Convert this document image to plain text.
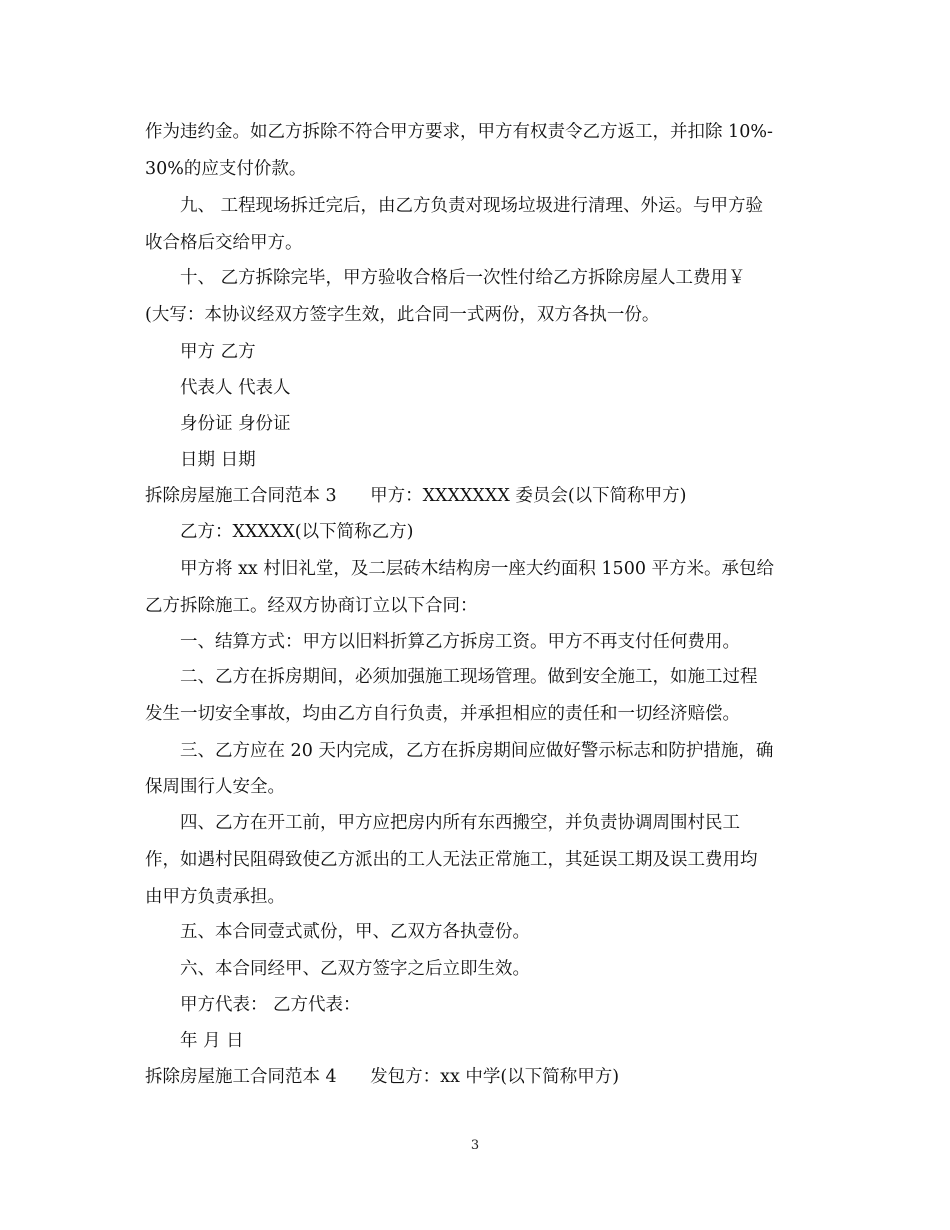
作为违约金。如乙方拆除不符合甲方要求，甲方有权责令乙方返工，并扣除 10%-
30%的应支付价款。
九、 工程现场拆迁完后，由乙方负责对现场垃圾进行清理、外运。与甲方验
收合格后交给甲方。
十、 乙方拆除完毕，甲方验收合格后一次性付给乙方拆除房屋人工费用￥
(大写：本协议经双方签字生效，此合同一式两份，双方各执一份。
甲方 乙方
代表人 代表人
身份证 身份证
日期 日期
拆除房屋施工合同范本 3      甲方：XXXXXXX 委员会(以下简称甲方)
乙方：XXXXX(以下简称乙方)
甲方将 xx 村旧礼堂，及二层砖木结构房一座大约面积 1500 平方米。承包给
乙方拆除施工。经双方协商订立以下合同：
一、结算方式：甲方以旧料折算乙方拆房工资。甲方不再支付任何费用。
二、乙方在拆房期间，必须加强施工现场管理。做到安全施工，如施工过程
发生一切安全事故，均由乙方自行负责，并承担相应的责任和一切经济赔偿。
三、乙方应在 20 天内完成，乙方在拆房期间应做好警示标志和防护措施，确
保周围行人安全。
四、乙方在开工前，甲方应把房内所有东西搬空，并负责协调周围村民工
作，如遇村民阻碍致使乙方派出的工人无法正常施工，其延误工期及误工费用均
由甲方负责承担。
五、本合同壹式贰份，甲、乙双方各执壹份。
六、本合同经甲、乙双方签字之后立即生效。
甲方代表： 乙方代表：
年 月 日
拆除房屋施工合同范本 4      发包方：xx 中学(以下简称甲方)
3
